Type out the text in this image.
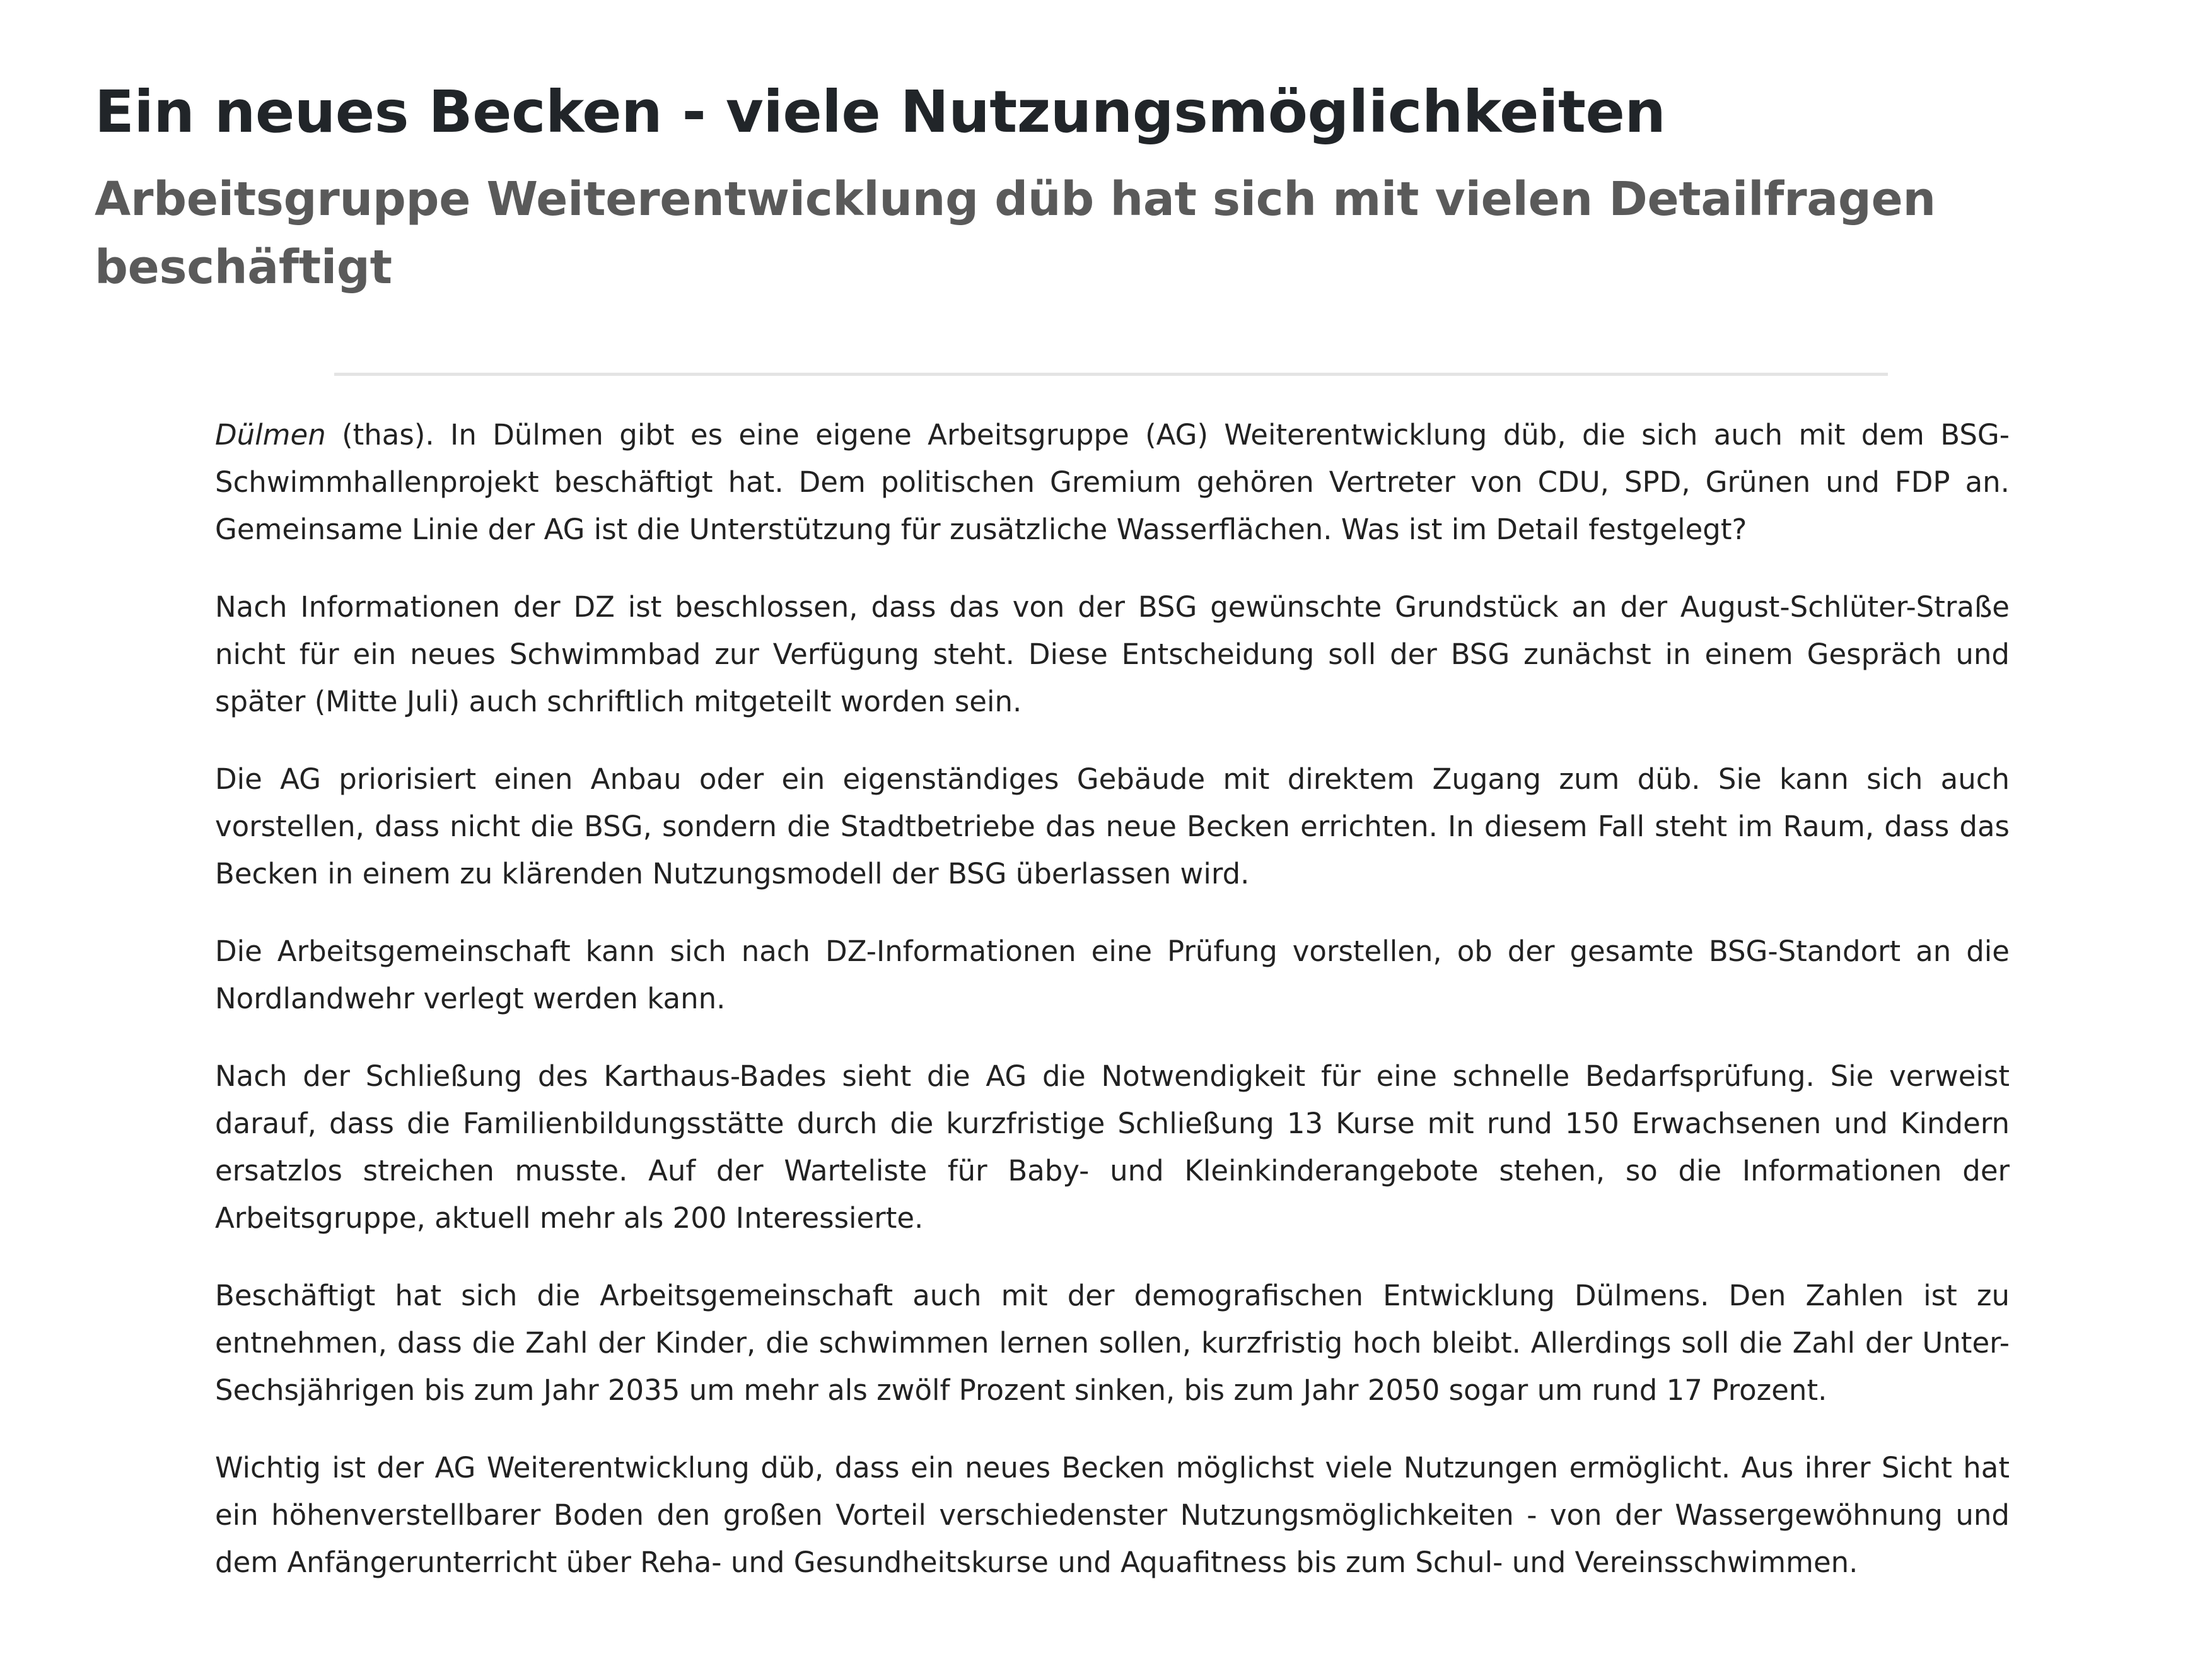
Ein neues Becken - viele Nutzungsmöglichkeiten
Arbeitsgruppe Weiterentwicklung düb hat sich mit vielen Detailfragen beschäftigt

Dülmen (thas). In Dülmen gibt es eine eigene Arbeitsgruppe (AG) Weiterentwicklung düb, die sich auch mit dem BSG-Schwimmhallenprojekt beschäftigt hat. Dem politischen Gremium gehören Vertreter von CDU, SPD, Grünen und FDP an. Gemeinsame Linie der AG ist die Unterstützung für zusätzliche Wasserflächen. Was ist im Detail festgelegt?

Nach Informationen der DZ ist beschlossen, dass das von der BSG gewünschte Grundstück an der August-Schlüter-Straße nicht für ein neues Schwimmbad zur Verfügung steht. Diese Entscheidung soll der BSG zunächst in einem Gespräch und später (Mitte Juli) auch schriftlich mitgeteilt worden sein.

Die AG priorisiert einen Anbau oder ein eigenständiges Gebäude mit direktem Zugang zum düb. Sie kann sich auch vorstellen, dass nicht die BSG, sondern die Stadtbetriebe das neue Becken errichten. In diesem Fall steht im Raum, dass das Becken in einem zu klärenden Nutzungsmodell der BSG überlassen wird.

Die Arbeitsgemeinschaft kann sich nach DZ-Informationen eine Prüfung vorstellen, ob der gesamte BSG-Standort an die Nordlandwehr verlegt werden kann.

Nach der Schließung des Karthaus-Bades sieht die AG die Notwendigkeit für eine schnelle Bedarfsprüfung. Sie verweist darauf, dass die Familienbildungsstätte durch die kurzfristige Schließung 13 Kurse mit rund 150 Erwachsenen und Kindern ersatzlos streichen musste. Auf der Warteliste für Baby- und Kleinkinderangebote stehen, so die Informationen der Arbeitsgruppe, aktuell mehr als 200 Interessierte.

Beschäftigt hat sich die Arbeitsgemeinschaft auch mit der demografischen Entwicklung Dülmens. Den Zahlen ist zu entnehmen, dass die Zahl der Kinder, die schwimmen lernen sollen, kurzfristig hoch bleibt. Allerdings soll die Zahl der Unter-Sechsjährigen bis zum Jahr 2035 um mehr als zwölf Prozent sinken, bis zum Jahr 2050 sogar um rund 17 Prozent.

Wichtig ist der AG Weiterentwicklung düb, dass ein neues Becken möglichst viele Nutzungen ermöglicht. Aus ihrer Sicht hat ein höhenverstellbarer Boden den großen Vorteil verschiedenster Nutzungsmöglichkeiten - von der Wassergewöhnung und dem Anfängerunterricht über Reha- und Gesundheitskurse und Aquafitness bis zum Schul- und Vereinsschwimmen.
